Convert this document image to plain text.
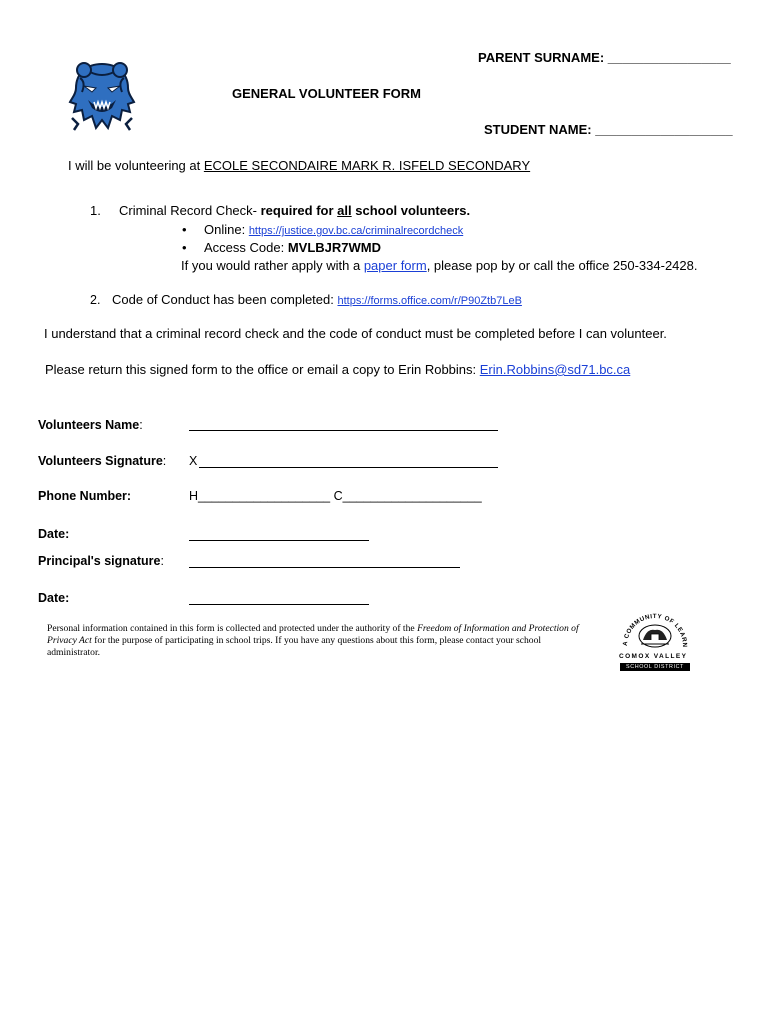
PARENT SURNAME: _________________
GENERAL VOLUNTEER FORM
STUDENT NAME: ___________________
I will be volunteering at ECOLE SECONDAIRE MARK R. ISFELD SECONDARY
1. Criminal Record Check- required for all school volunteers.
• Online: https://justice.gov.bc.ca/criminalrecordcheck
• Access Code: MVLBJR7WMD
If you would rather apply with a paper form, please pop by or call the office 250-334-2428.
2. Code of Conduct has been completed: https://forms.office.com/r/P90Ztb7LeB
I understand that a criminal record check and the code of conduct must be completed before I can volunteer.
Please return this signed form to the office or email a copy to Erin Robbins: Erin.Robbins@sd71.bc.ca
Volunteers Name:
Volunteers Signature: X
Phone Number:	H___________________ C____________________
Date:
Principal's signature:
Date:
Personal information contained in this form is collected and protected under the authority of the Freedom of Information and Protection of Privacy Act for the purpose of participating in school trips. If you have any questions about this form, please contact your school administrator.
A COMMUNITY OF LEARN
COMOX VALLEY
SCHOOL DISTRICT
